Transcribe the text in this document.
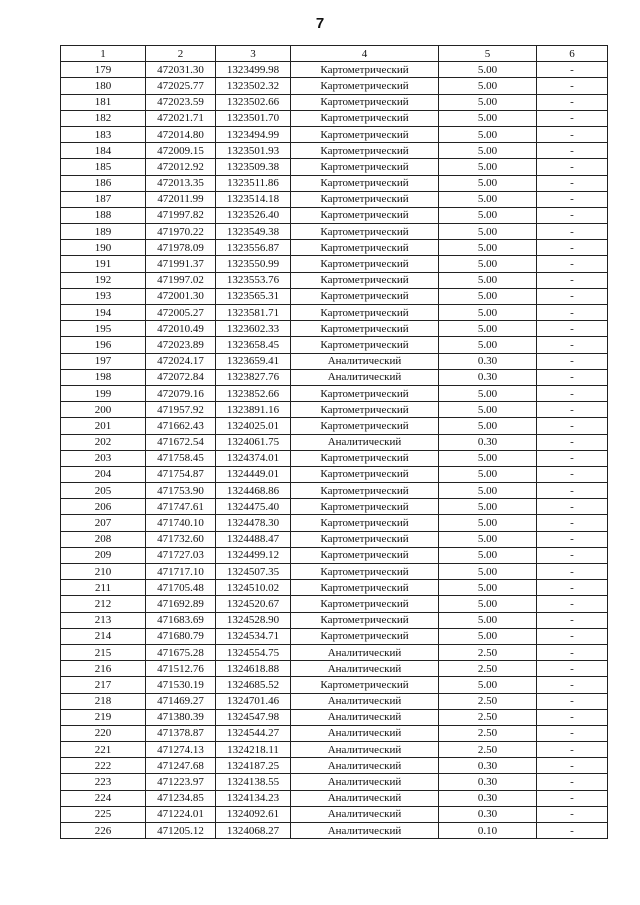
7
1	2	3	4	5	6
179	472031.30	1323499.98	Картометрический	5.00	-
180	472025.77	1323502.32	Картометрический	5.00	-
181	472023.59	1323502.66	Картометрический	5.00	-
182	472021.71	1323501.70	Картометрический	5.00	-
183	472014.80	1323494.99	Картометрический	5.00	-
184	472009.15	1323501.93	Картометрический	5.00	-
185	472012.92	1323509.38	Картометрический	5.00	-
186	472013.35	1323511.86	Картометрический	5.00	-
187	472011.99	1323514.18	Картометрический	5.00	-
188	471997.82	1323526.40	Картометрический	5.00	-
189	471970.22	1323549.38	Картометрический	5.00	-
190	471978.09	1323556.87	Картометрический	5.00	-
191	471991.37	1323550.99	Картометрический	5.00	-
192	471997.02	1323553.76	Картометрический	5.00	-
193	472001.30	1323565.31	Картометрический	5.00	-
194	472005.27	1323581.71	Картометрический	5.00	-
195	472010.49	1323602.33	Картометрический	5.00	-
196	472023.89	1323658.45	Картометрический	5.00	-
197	472024.17	1323659.41	Аналитический	0.30	-
198	472072.84	1323827.76	Аналитический	0.30	-
199	472079.16	1323852.66	Картометрический	5.00	-
200	471957.92	1323891.16	Картометрический	5.00	-
201	471662.43	1324025.01	Картометрический	5.00	-
202	471672.54	1324061.75	Аналитический	0.30	-
203	471758.45	1324374.01	Картометрический	5.00	-
204	471754.87	1324449.01	Картометрический	5.00	-
205	471753.90	1324468.86	Картометрический	5.00	-
206	471747.61	1324475.40	Картометрический	5.00	-
207	471740.10	1324478.30	Картометрический	5.00	-
208	471732.60	1324488.47	Картометрический	5.00	-
209	471727.03	1324499.12	Картометрический	5.00	-
210	471717.10	1324507.35	Картометрический	5.00	-
211	471705.48	1324510.02	Картометрический	5.00	-
212	471692.89	1324520.67	Картометрический	5.00	-
213	471683.69	1324528.90	Картометрический	5.00	-
214	471680.79	1324534.71	Картометрический	5.00	-
215	471675.28	1324554.75	Аналитический	2.50	-
216	471512.76	1324618.88	Аналитический	2.50	-
217	471530.19	1324685.52	Картометрический	5.00	-
218	471469.27	1324701.46	Аналитический	2.50	-
219	471380.39	1324547.98	Аналитический	2.50	-
220	471378.87	1324544.27	Аналитический	2.50	-
221	471274.13	1324218.11	Аналитический	2.50	-
222	471247.68	1324187.25	Аналитический	0.30	-
223	471223.97	1324138.55	Аналитический	0.30	-
224	471234.85	1324134.23	Аналитический	0.30	-
225	471224.01	1324092.61	Аналитический	0.30	-
226	471205.12	1324068.27	Аналитический	0.10	-
